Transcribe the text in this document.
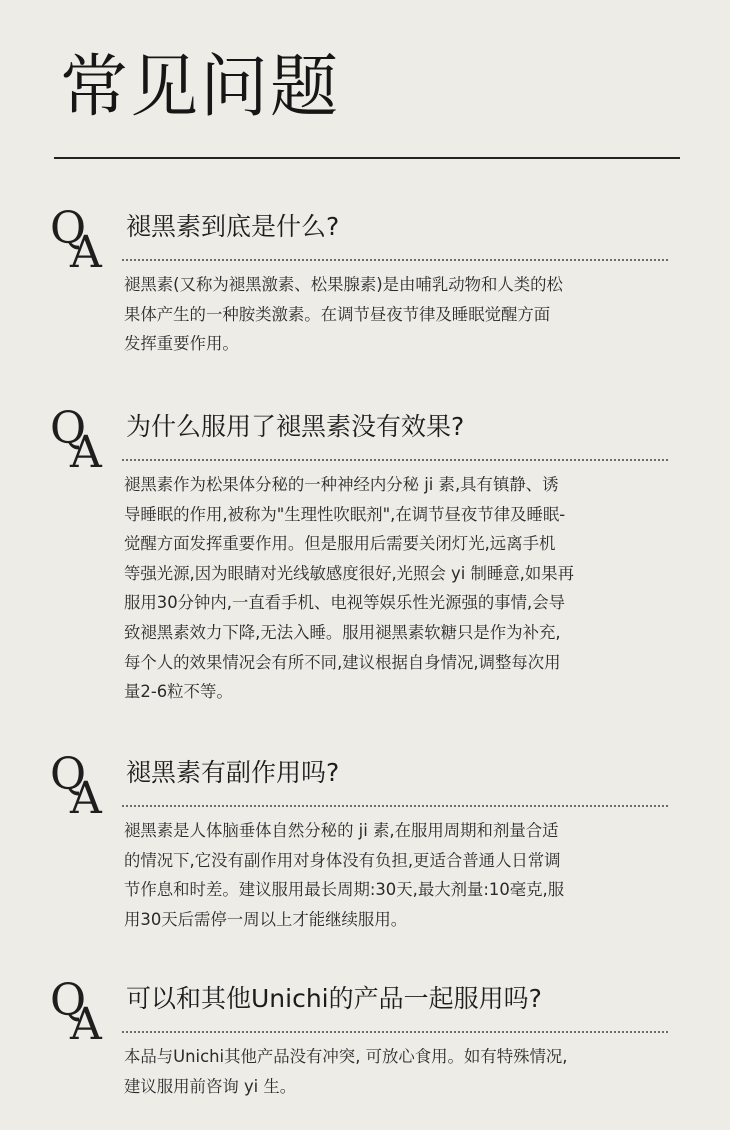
常见问题
Q
A
褪黑素到底是什么?
褪黑素(又称为褪黑激素、松果腺素)是由哺乳动物和人类的松
果体产生的一种胺类激素。在调节昼夜节律及睡眠觉醒方面
发挥重要作用。
Q
A
为什么服用了褪黑素没有效果?
褪黑素作为松果体分秘的一种神经内分秘 ji 素,具有镇静、诱
导睡眠的作用,被称为"生理性吹眠剂",在调节昼夜节律及睡眠-
觉醒方面发挥重要作用。但是服用后需要关闭灯光,远离手机
等强光源,因为眼睛对光线敏感度很好,光照会 yi 制睡意,如果再
服用30分钟内,一直看手机、电视等娱乐性光源强的事情,会导
致褪黑素效力下降,无法入睡。服用褪黑素软糖只是作为补充,
每个人的效果情况会有所不同,建议根据自身情况,调整每次用
量2-6粒不等。
Q
A
褪黑素有副作用吗?
褪黑素是人体脑垂体自然分秘的 ji 素,在服用周期和剂量合适
的情况下,它没有副作用对身体没有负担,更适合普通人日常调
节作息和时差。建议服用最长周期:30天,最大剂量:10毫克,服
用30天后需停一周以上才能继续服用。
Q
A
可以和其他Unichi的产品一起服用吗?
本品与Unichi其他产品没有冲突, 可放心食用。如有特殊情况,
建议服用前咨询 yi 生。
